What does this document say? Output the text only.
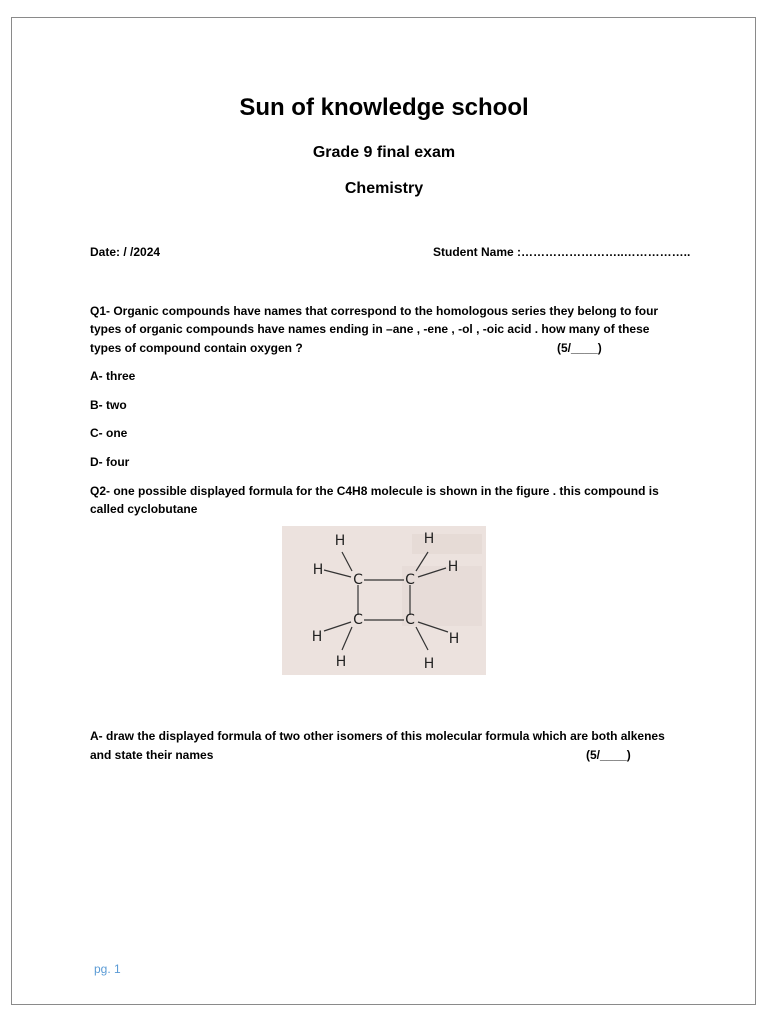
Sun of knowledge school
Grade 9 final exam
Chemistry
Date: / /2024	Student Name :……………………..……………..
Q1- Organic compounds have names that correspond to the homologous series they belong to four
types of organic compounds have names ending in –ane , -ene , -ol , -oic acid . how many of these
types of compound contain oxygen ?	(5/____)
A- three
B- two
C- one
D- four
Q2- one possible displayed formula for the C4H8 molecule is shown in the figure . this compound is
called cyclobutane
C	C
C	C
H	H
H	H
H	H
H	H
A- draw the displayed formula of two other isomers of this molecular formula which are both alkenes
and state their names	(5/____)
pg. 1
